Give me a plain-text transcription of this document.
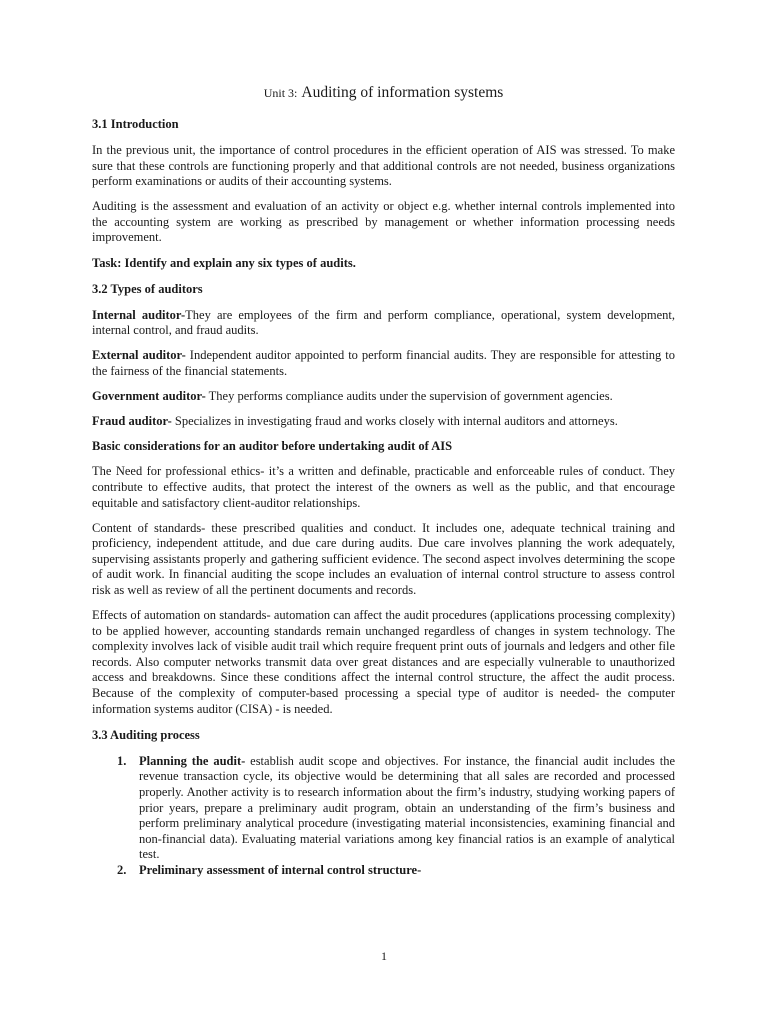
Unit 3: Auditing of information systems
3.1 Introduction

In the previous unit, the importance of control procedures in the efficient operation of AIS was stressed. To make sure that these controls are functioning properly and that additional controls are not needed, business organizations perform examinations or audits of their accounting systems.

Auditing is the assessment and evaluation of an activity or object e.g. whether internal controls implemented into the accounting system are working as prescribed by management or whether information processing needs improvement.

Task: Identify and explain any six types of audits.

3.2 Types of auditors

Internal auditor-They are employees of the firm and perform compliance, operational, system development, internal control, and fraud audits.

External auditor- Independent auditor appointed to perform financial audits. They are responsible for attesting to the fairness of the financial statements.

Government auditor- They performs compliance audits under the supervision of government agencies.

Fraud auditor- Specializes in investigating fraud and works closely with internal auditors and attorneys.

Basic considerations for an auditor before undertaking audit of AIS

The Need for professional ethics- it’s a written and definable, practicable and enforceable rules of conduct. They contribute to effective audits, that protect the interest of the owners as well as the public, and that encourage equitable and satisfactory client-auditor relationships.

Content of standards- these prescribed qualities and conduct. It includes one, adequate technical training and proficiency, independent attitude, and due care during audits. Due care involves planning the work adequately, supervising assistants properly and gathering sufficient evidence. The second aspect involves determining the scope of audit work. In financial auditing the scope includes an evaluation of internal control structure to assess control risk as well as review of all the pertinent documents and records.

Effects of automation on standards- automation can affect the audit procedures (applications processing complexity) to be applied however, accounting standards remain unchanged regardless of changes in system technology. The complexity involves lack of visible audit trail which require frequent print outs of journals and ledgers and other file records. Also computer networks transmit data over great distances and are especially vulnerable to unauthorized access and breakdowns. Since these conditions affect the internal control structure, the affect the audit process. Because of the complexity of computer-based processing a special type of auditor is needed- the computer information systems auditor (CISA) - is needed.

3.3 Auditing process
1. Planning the audit- establish audit scope and objectives. For instance, the financial audit includes the revenue transaction cycle, its objective would be determining that all sales are recorded and processed properly. Another activity is to research information about the firm’s industry, studying working papers of prior years, prepare a preliminary audit program, obtain an understanding of the firm’s business and perform preliminary analytical procedure (investigating material inconsistencies, examining financial and non-financial data). Evaluating material variations among key financial ratios is an example of analytical test.
2. Preliminary assessment of internal control structure-
1
